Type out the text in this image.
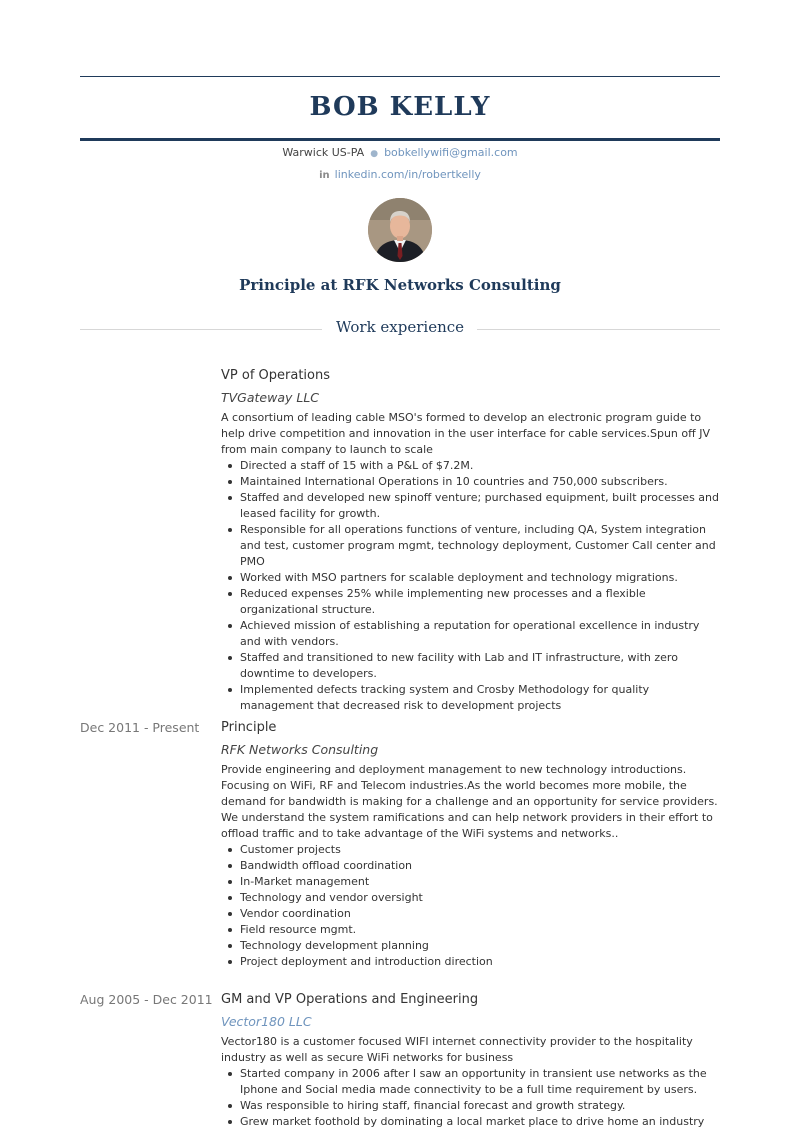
BOB KELLY
Warwick US-PA ● bobkellywifi@gmail.com
in linkedin.com/in/robertkelly
Principle at RFK Networks Consulting
Work experience
VP of Operations
TVGateway LLC

A consortium of leading cable MSO's formed to develop an electronic program guide to help drive competition and innovation in the user interface for cable services.Spun off JV from main company to launch to scale

Directed a staff of 15 with a P&L of $7.2M.
Maintained International Operations in 10 countries and 750,000 subscribers.
Staffed and developed new spinoff venture; purchased equipment, built processes and leased facility for growth.
Responsible for all operations functions of venture, including QA, System integration and test, customer program mgmt, technology deployment, Customer Call center and PMO
Worked with MSO partners for scalable deployment and technology migrations.
Reduced expenses 25% while implementing new processes and a flexible organizational structure.
Achieved mission of establishing a reputation for operational excellence in industry and with vendors.
Staffed and transitioned to new facility with Lab and IT infrastructure, with zero downtime to developers.
Implemented defects tracking system and Crosby Methodology for quality management that decreased risk to development projects
Dec 2011 - Present	Principle
RFK Networks Consulting

Provide engineering and deployment management to new technology introductions. Focusing on WiFi, RF and Telecom industries.As the world becomes more mobile, the demand for bandwidth is making for a challenge and an opportunity for service providers. We understand the system ramifications and can help network providers in their effort to offload traffic and to take advantage of the WiFi systems and networks..

Customer projects
Bandwidth offload coordination
In-Market management
Technology and vendor oversight
Vendor coordination
Field resource mgmt.
Technology development planning
Project deployment and introduction direction
Aug 2005 - Dec 2011 GM and VP Operations and Engineering
Vector180 LLC

Vector180 is a customer focused WIFI internet connectivity provider to the hospitality industry as well as secure WiFi networks for business

Started company in 2006 after I saw an opportunity in transient use networks as the Iphone and Social media made connectivity to be a full time requirement by users.
Was responsible to hiring staff, financial forecast and growth strategy.
Grew market foothold by dominating a local market place to drive home an industry
